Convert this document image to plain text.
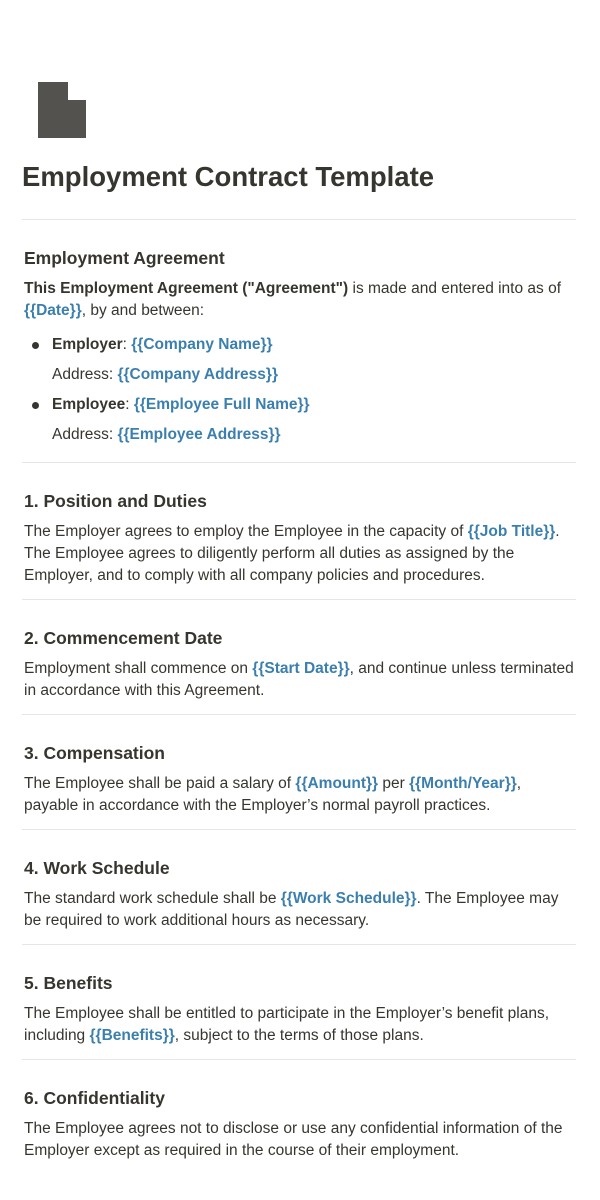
Employment Contract Template
Employment Agreement

This Employment Agreement ("Agreement") is made and entered into as of {{Date}}, by and between:

Employer: {{Company Name}}
Address: {{Company Address}}
Employee: {{Employee Full Name}}
Address: {{Employee Address}}
1. Position and Duties

The Employer agrees to employ the Employee in the capacity of {{Job Title}}. The Employee agrees to diligently perform all duties as assigned by the Employer, and to comply with all company policies and procedures.

2. Commencement Date

Employment shall commence on {{Start Date}}, and continue unless terminated in accordance with this Agreement.

3. Compensation

The Employee shall be paid a salary of {{Amount}} per {{Month/Year}}, payable in accordance with the Employer’s normal payroll practices.

4. Work Schedule

The standard work schedule shall be {{Work Schedule}}. The Employee may be required to work additional hours as necessary.

5. Benefits

The Employee shall be entitled to participate in the Employer’s benefit plans, including {{Benefits}}, subject to the terms of those plans.

6. Confidentiality

The Employee agrees not to disclose or use any confidential information of the Employer except as required in the course of their employment.
